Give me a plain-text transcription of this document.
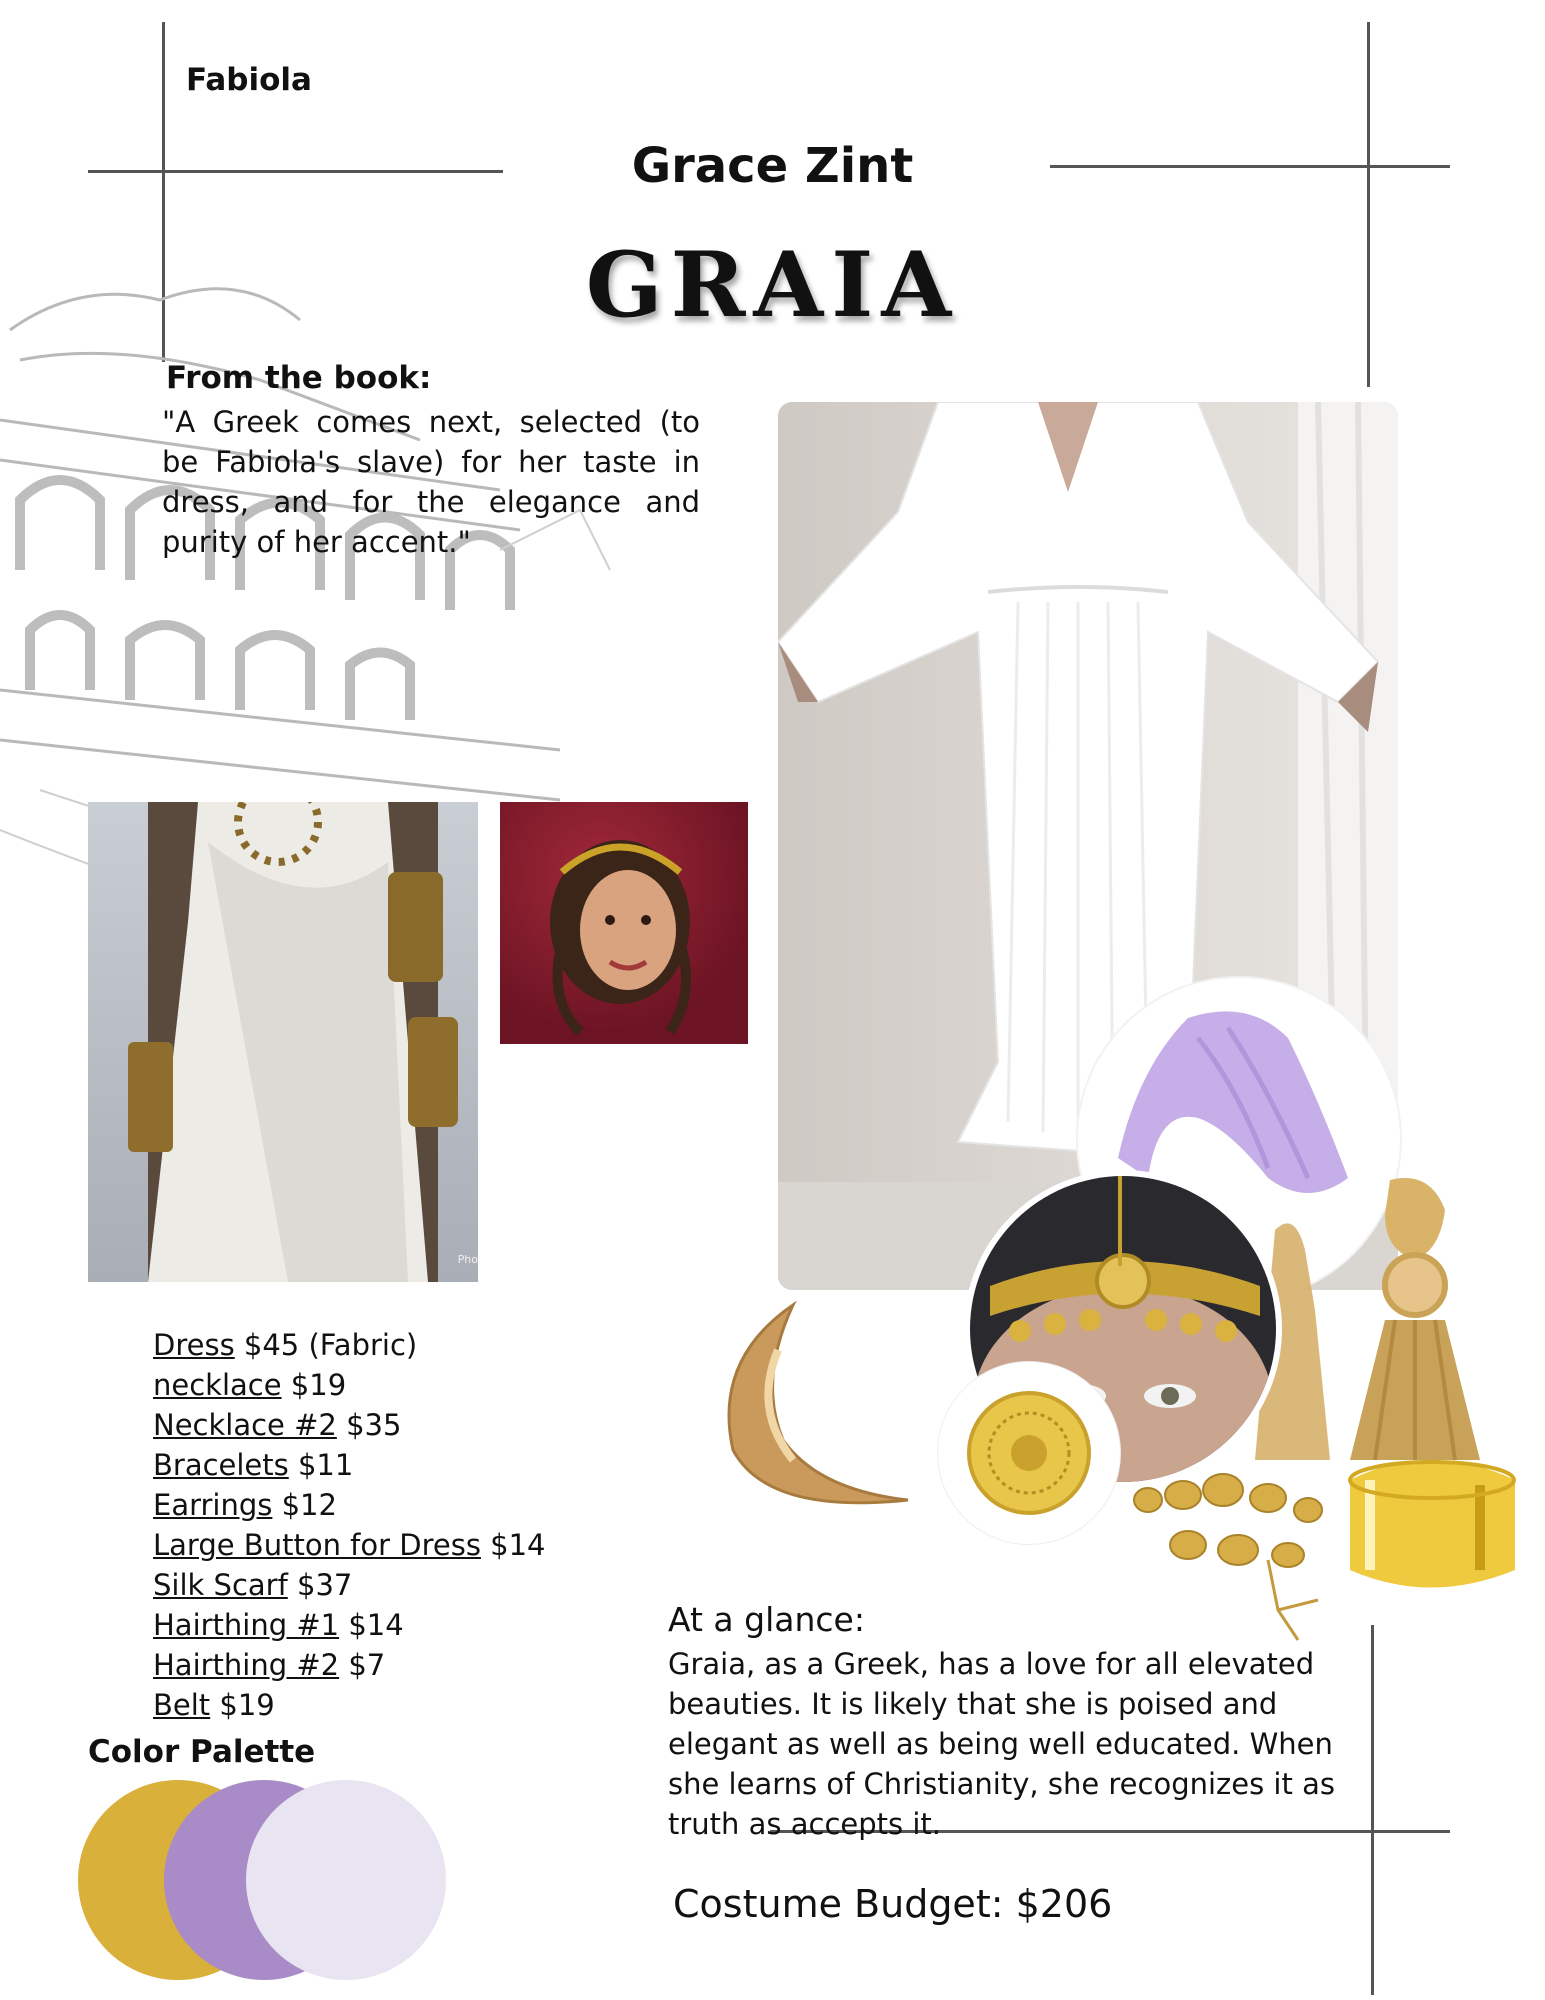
Fabiola
Grace Zint
GRAIA
From the book:
"A Greek comes next, selected (to be Fabiola's slave) for her taste in dress, and for the elegance and purity of her accent."
Pho
Dress $45 (Fabric)
necklace $19
Necklace #2 $35
Bracelets $11
Earrings $12
Large Button for Dress $14
Silk Scarf $37
Hairthing #1 $14
Hairthing #2 $7
Belt $19
Color Palette
At a glance:
Graia, as a Greek, has a love for all elevated beauties. It is likely that she is poised and elegant as well as being well educated. When she learns of Christianity, she recognizes it as truth as accepts it.
Costume Budget: $206
